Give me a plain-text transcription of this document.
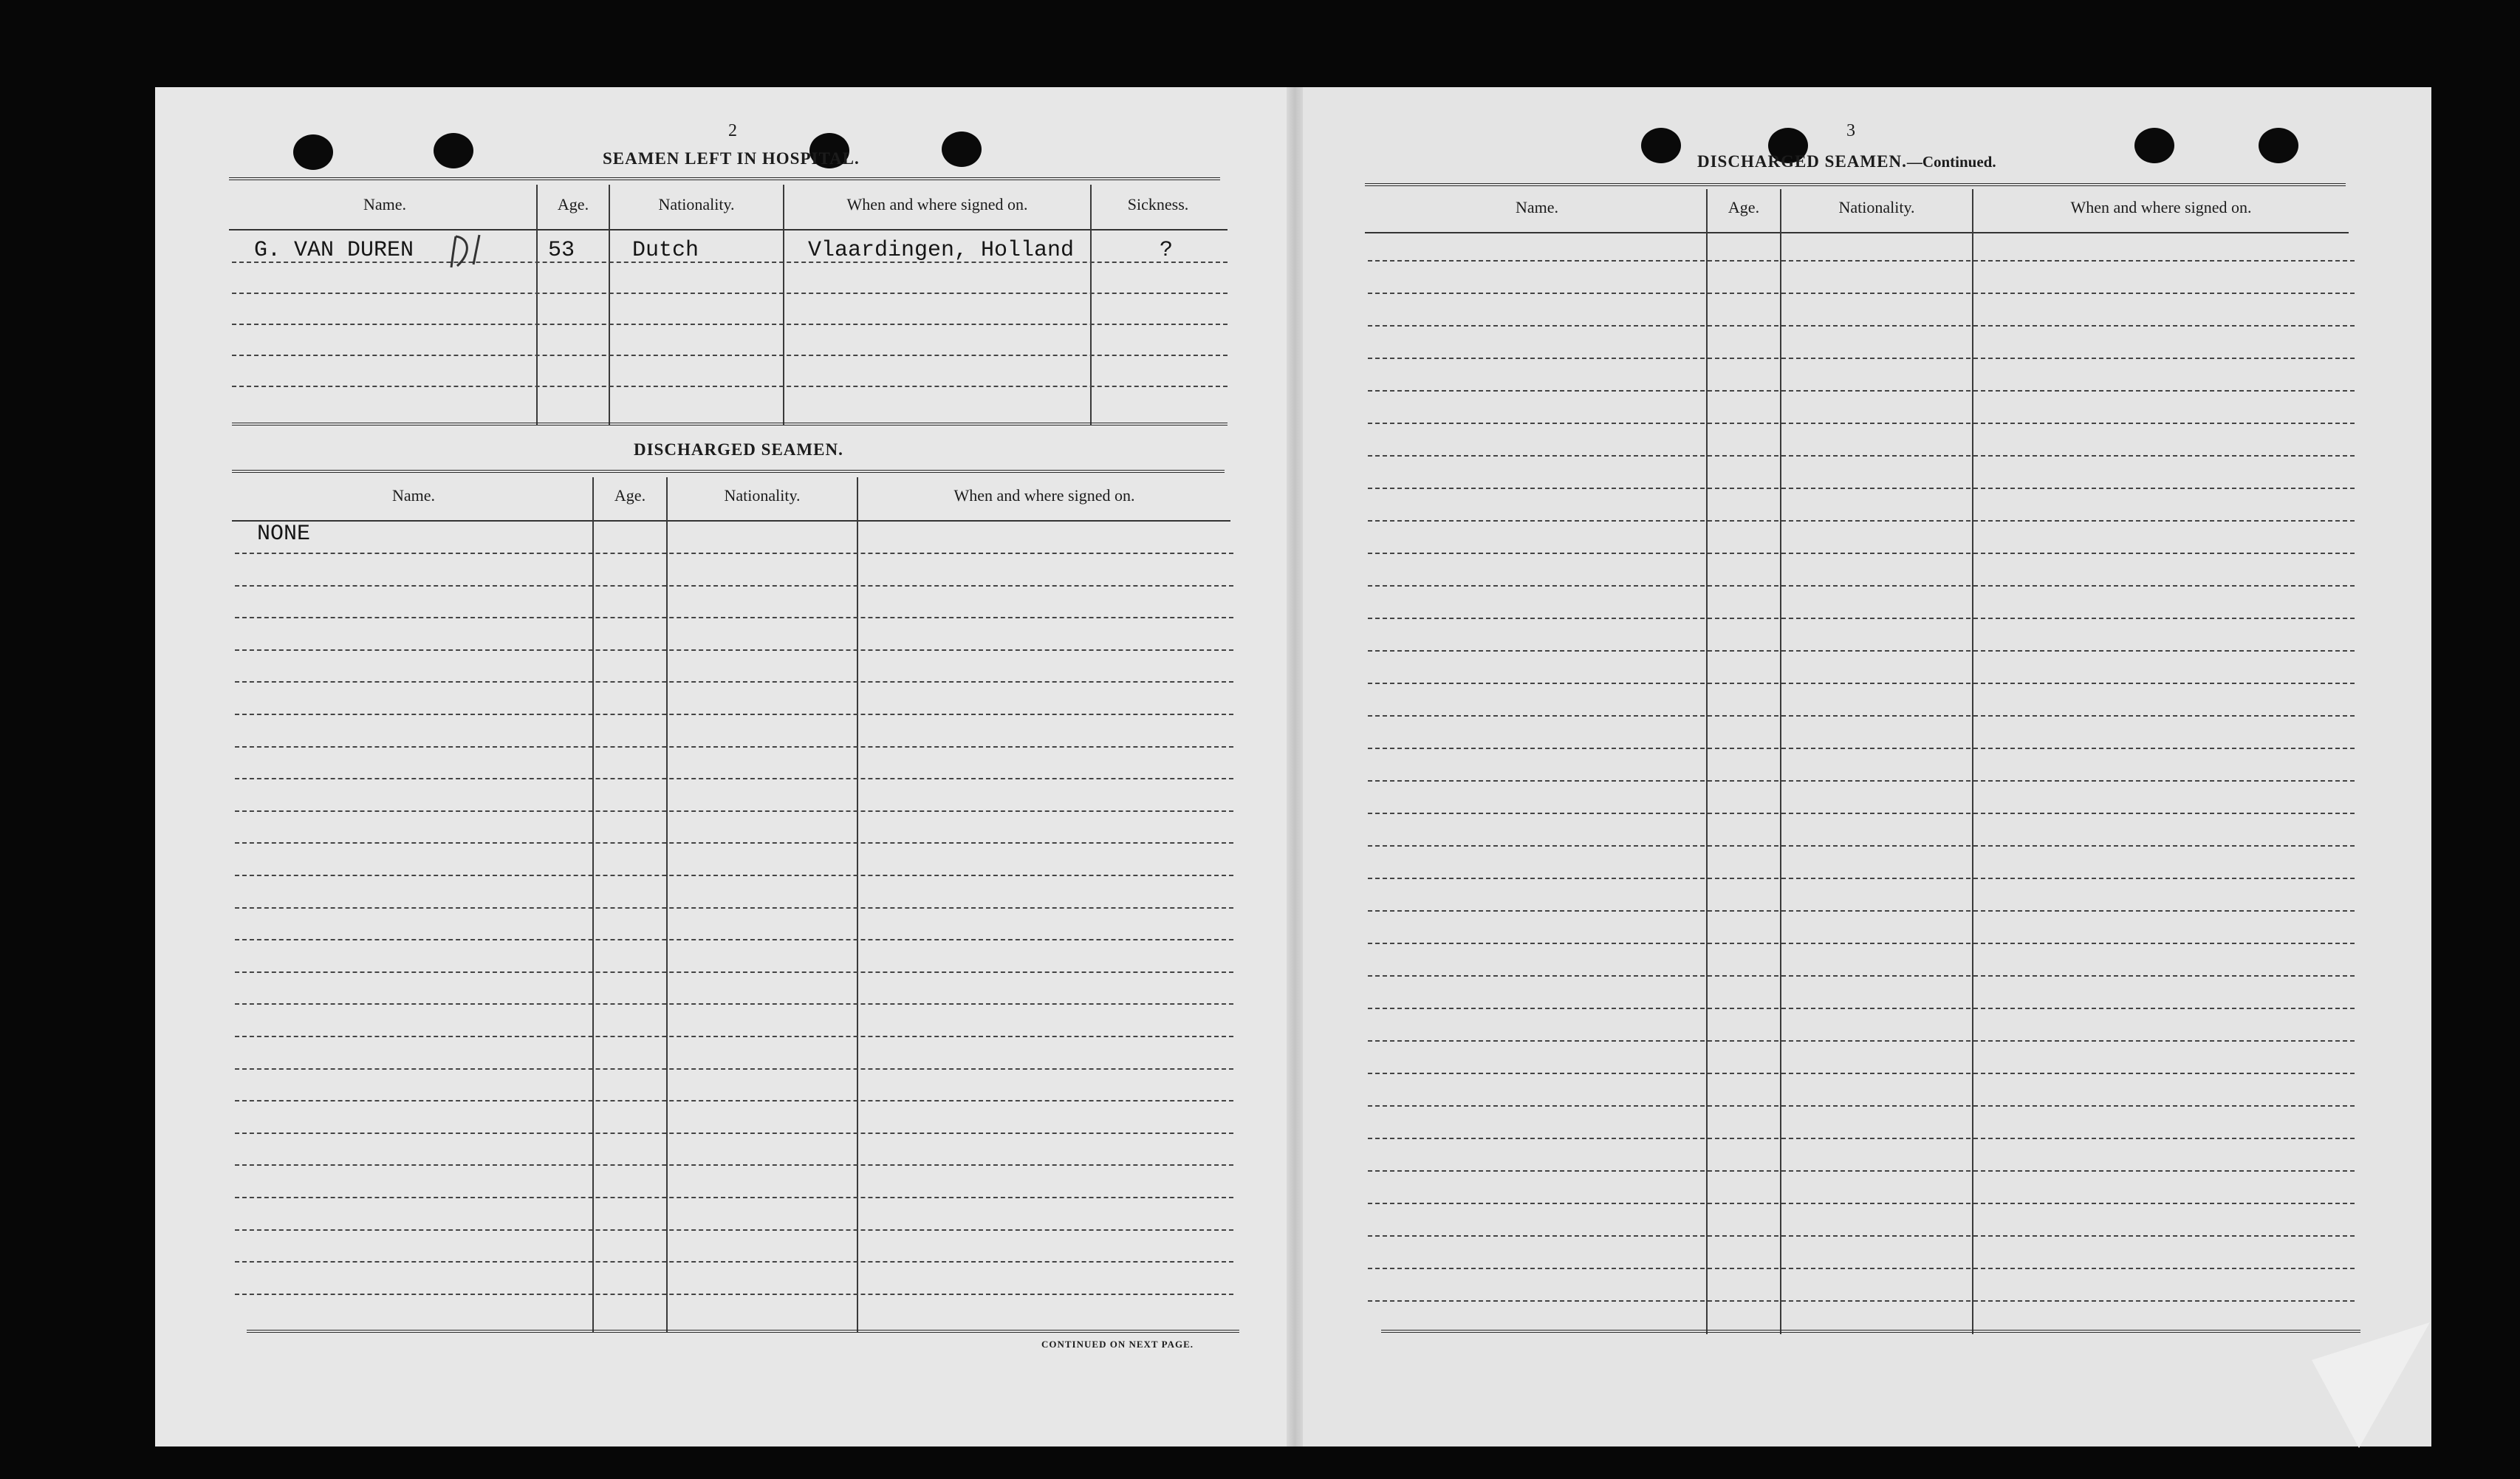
2
SEAMEN LEFT IN HOSPITAL.
Name.	Age.	Nationality.	When and where signed on.	Sickness.
G. VAN DUREN	53	Dutch	Vlaardingen, Holland	?
DISCHARGED SEAMEN.
Name.	Age.	Nationality.	When and where signed on.
NONE
CONTINUED ON NEXT PAGE.
3
DISCHARGED SEAMEN.—Continued.
Name.	Age.	Nationality.	When and where signed on.
